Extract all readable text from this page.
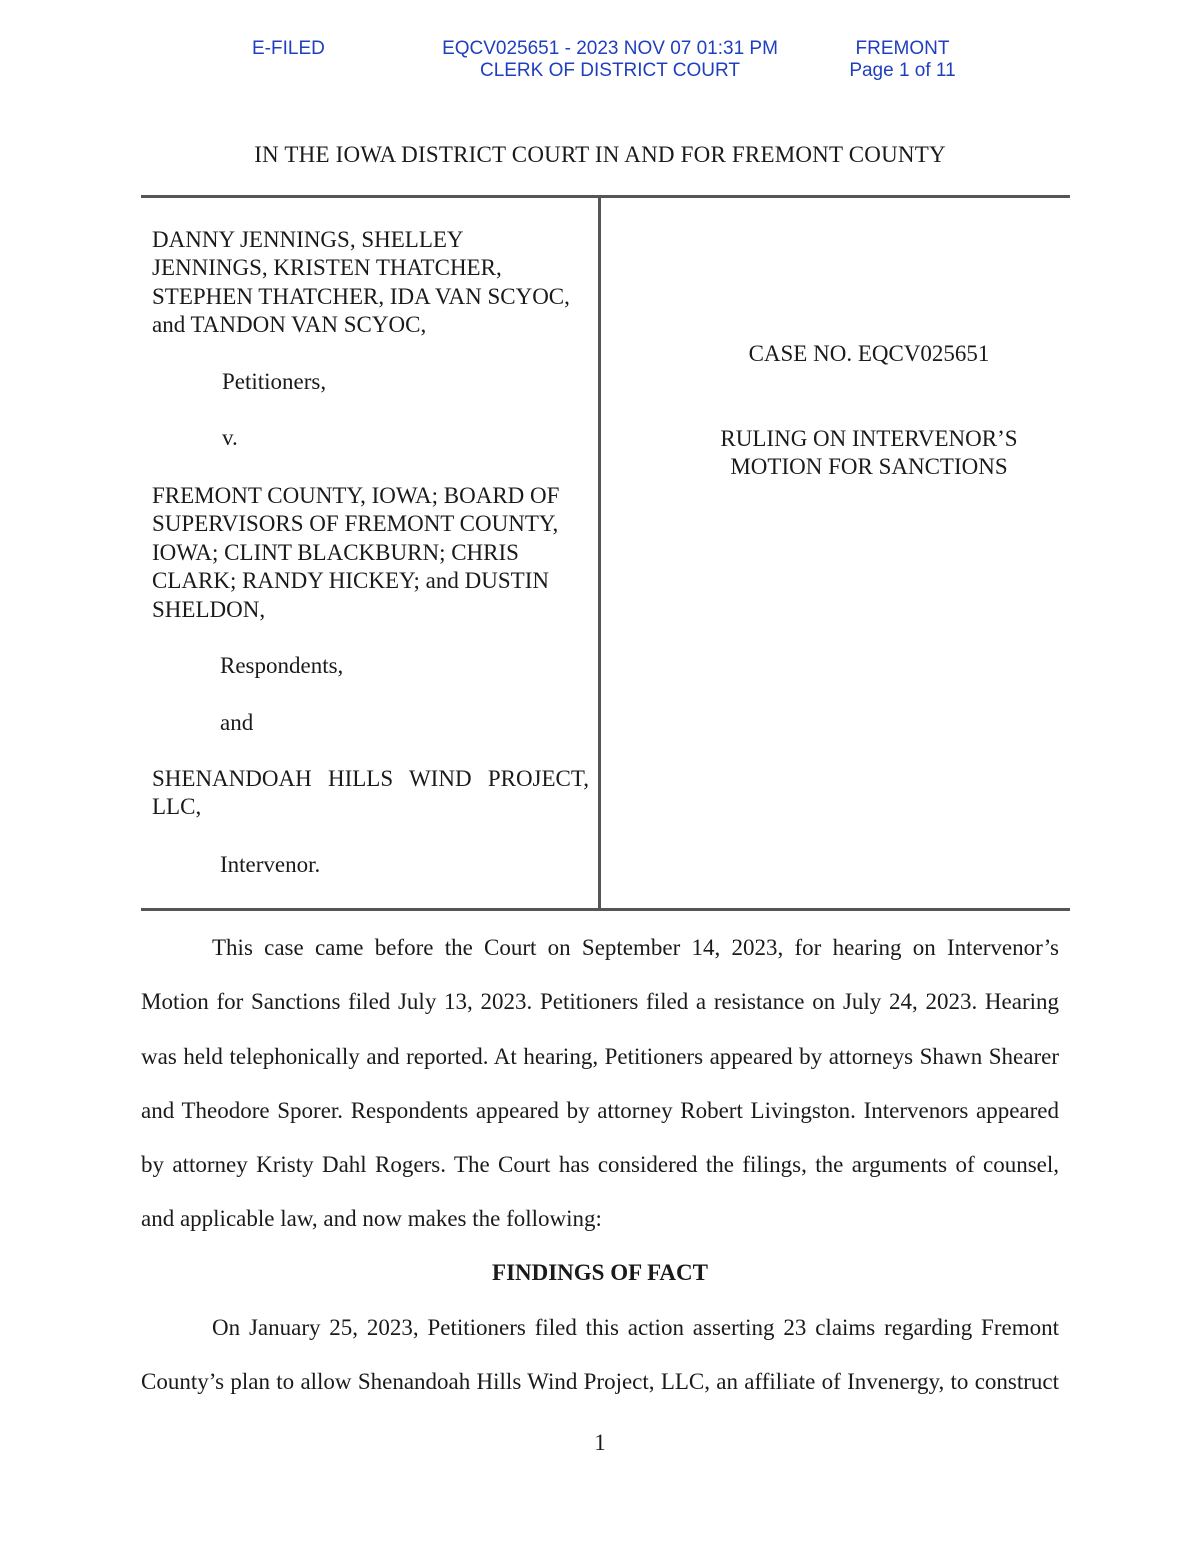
E-FILED	EQCV025651 - 2023 NOV 07 01:31 PM
CLERK OF DISTRICT COURT
FREMONT
Page 1 of 11
IN THE IOWA DISTRICT COURT IN AND FOR FREMONT COUNTY
DANNY JENNINGS, SHELLEY
JENNINGS, KRISTEN THATCHER,
STEPHEN THATCHER, IDA VAN SCYOC,
and TANDON VAN SCYOC,
Petitioners,
v.
FREMONT COUNTY, IOWA; BOARD OF
SUPERVISORS OF FREMONT COUNTY,
IOWA; CLINT BLACKBURN; CHRIS
CLARK; RANDY HICKEY; and DUSTIN
SHELDON,
Respondents,
and
SHENANDOAH HILLS WIND PROJECT,
LLC,
Intervenor.
CASE NO. EQCV025651
RULING ON INTERVENOR’S
MOTION FOR SANCTIONS
This case came before the Court on September 14, 2023, for hearing on Intervenor’s
Motion for Sanctions filed July 13, 2023. Petitioners filed a resistance on July 24, 2023. Hearing
was held telephonically and reported. At hearing, Petitioners appeared by attorneys Shawn Shearer
and Theodore Sporer. Respondents appeared by attorney Robert Livingston. Intervenors appeared
by attorney Kristy Dahl Rogers. The Court has considered the filings, the arguments of counsel,
and applicable law, and now makes the following:
FINDINGS OF FACT
On January 25, 2023, Petitioners filed this action asserting 23 claims regarding Fremont
County’s plan to allow Shenandoah Hills Wind Project, LLC, an affiliate of Invenergy, to construct
1
